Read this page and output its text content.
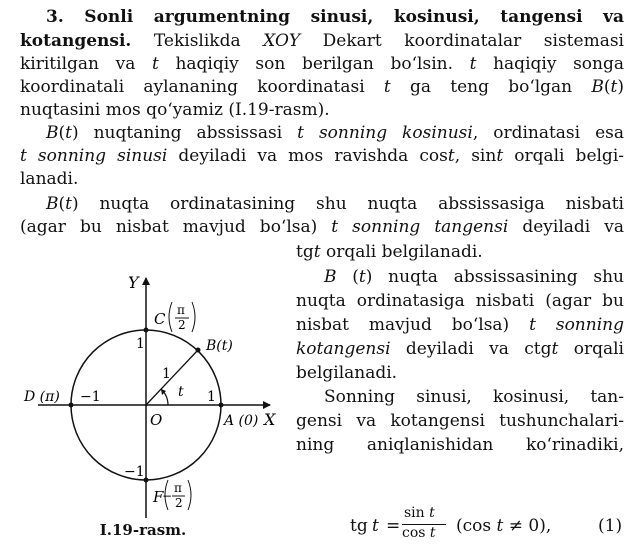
3. Sonli argumentning sinusi, kosinusi, tangensi va
kotangensi. Tekislikda XOY Dekart koordinatalar sistemasi
kiritilgan va t haqiqiy son berilgan bo‘lsin. t haqiqiy songa
koordinatali aylananing koordinatasi t ga teng bo‘lgan B(t)
nuqtasini mos qo‘yamiz (I.19-rasm).
B(t) nuqtaning abssissasi t sonning kosinusi, ordinatasi esa
t sonning sinusi deyiladi va mos ravishda cost, sint orqali belgi-
lanadi.
B(t) nuqta ordinatasining shu nuqta abssissasiga nisbati
(agar bu nisbat mavjud bo‘lsa) t sonning tangensi deyiladi va
tgt orqali belgilanadi.
B (t) nuqta abssissasining shu
nuqta ordinatasiga nisbati (agar bu
nisbat mavjud bo‘lsa) t sonning
kotangensi deyiladi va ctgt orqali
belgilanadi.
Sonning sinusi, kosinusi, tan-
gensi va kotangensi tushunchalari-
ning aniqlanishidan ko‘rinadiki,
Y
X
O
C π
2
B(t)
D (π)
A (0)
F
−
π
2
1
1
1
−1
−1
t
I.19-rasm.	tg t =
sin t
cos t (cos t ≠ 0),	(1)
